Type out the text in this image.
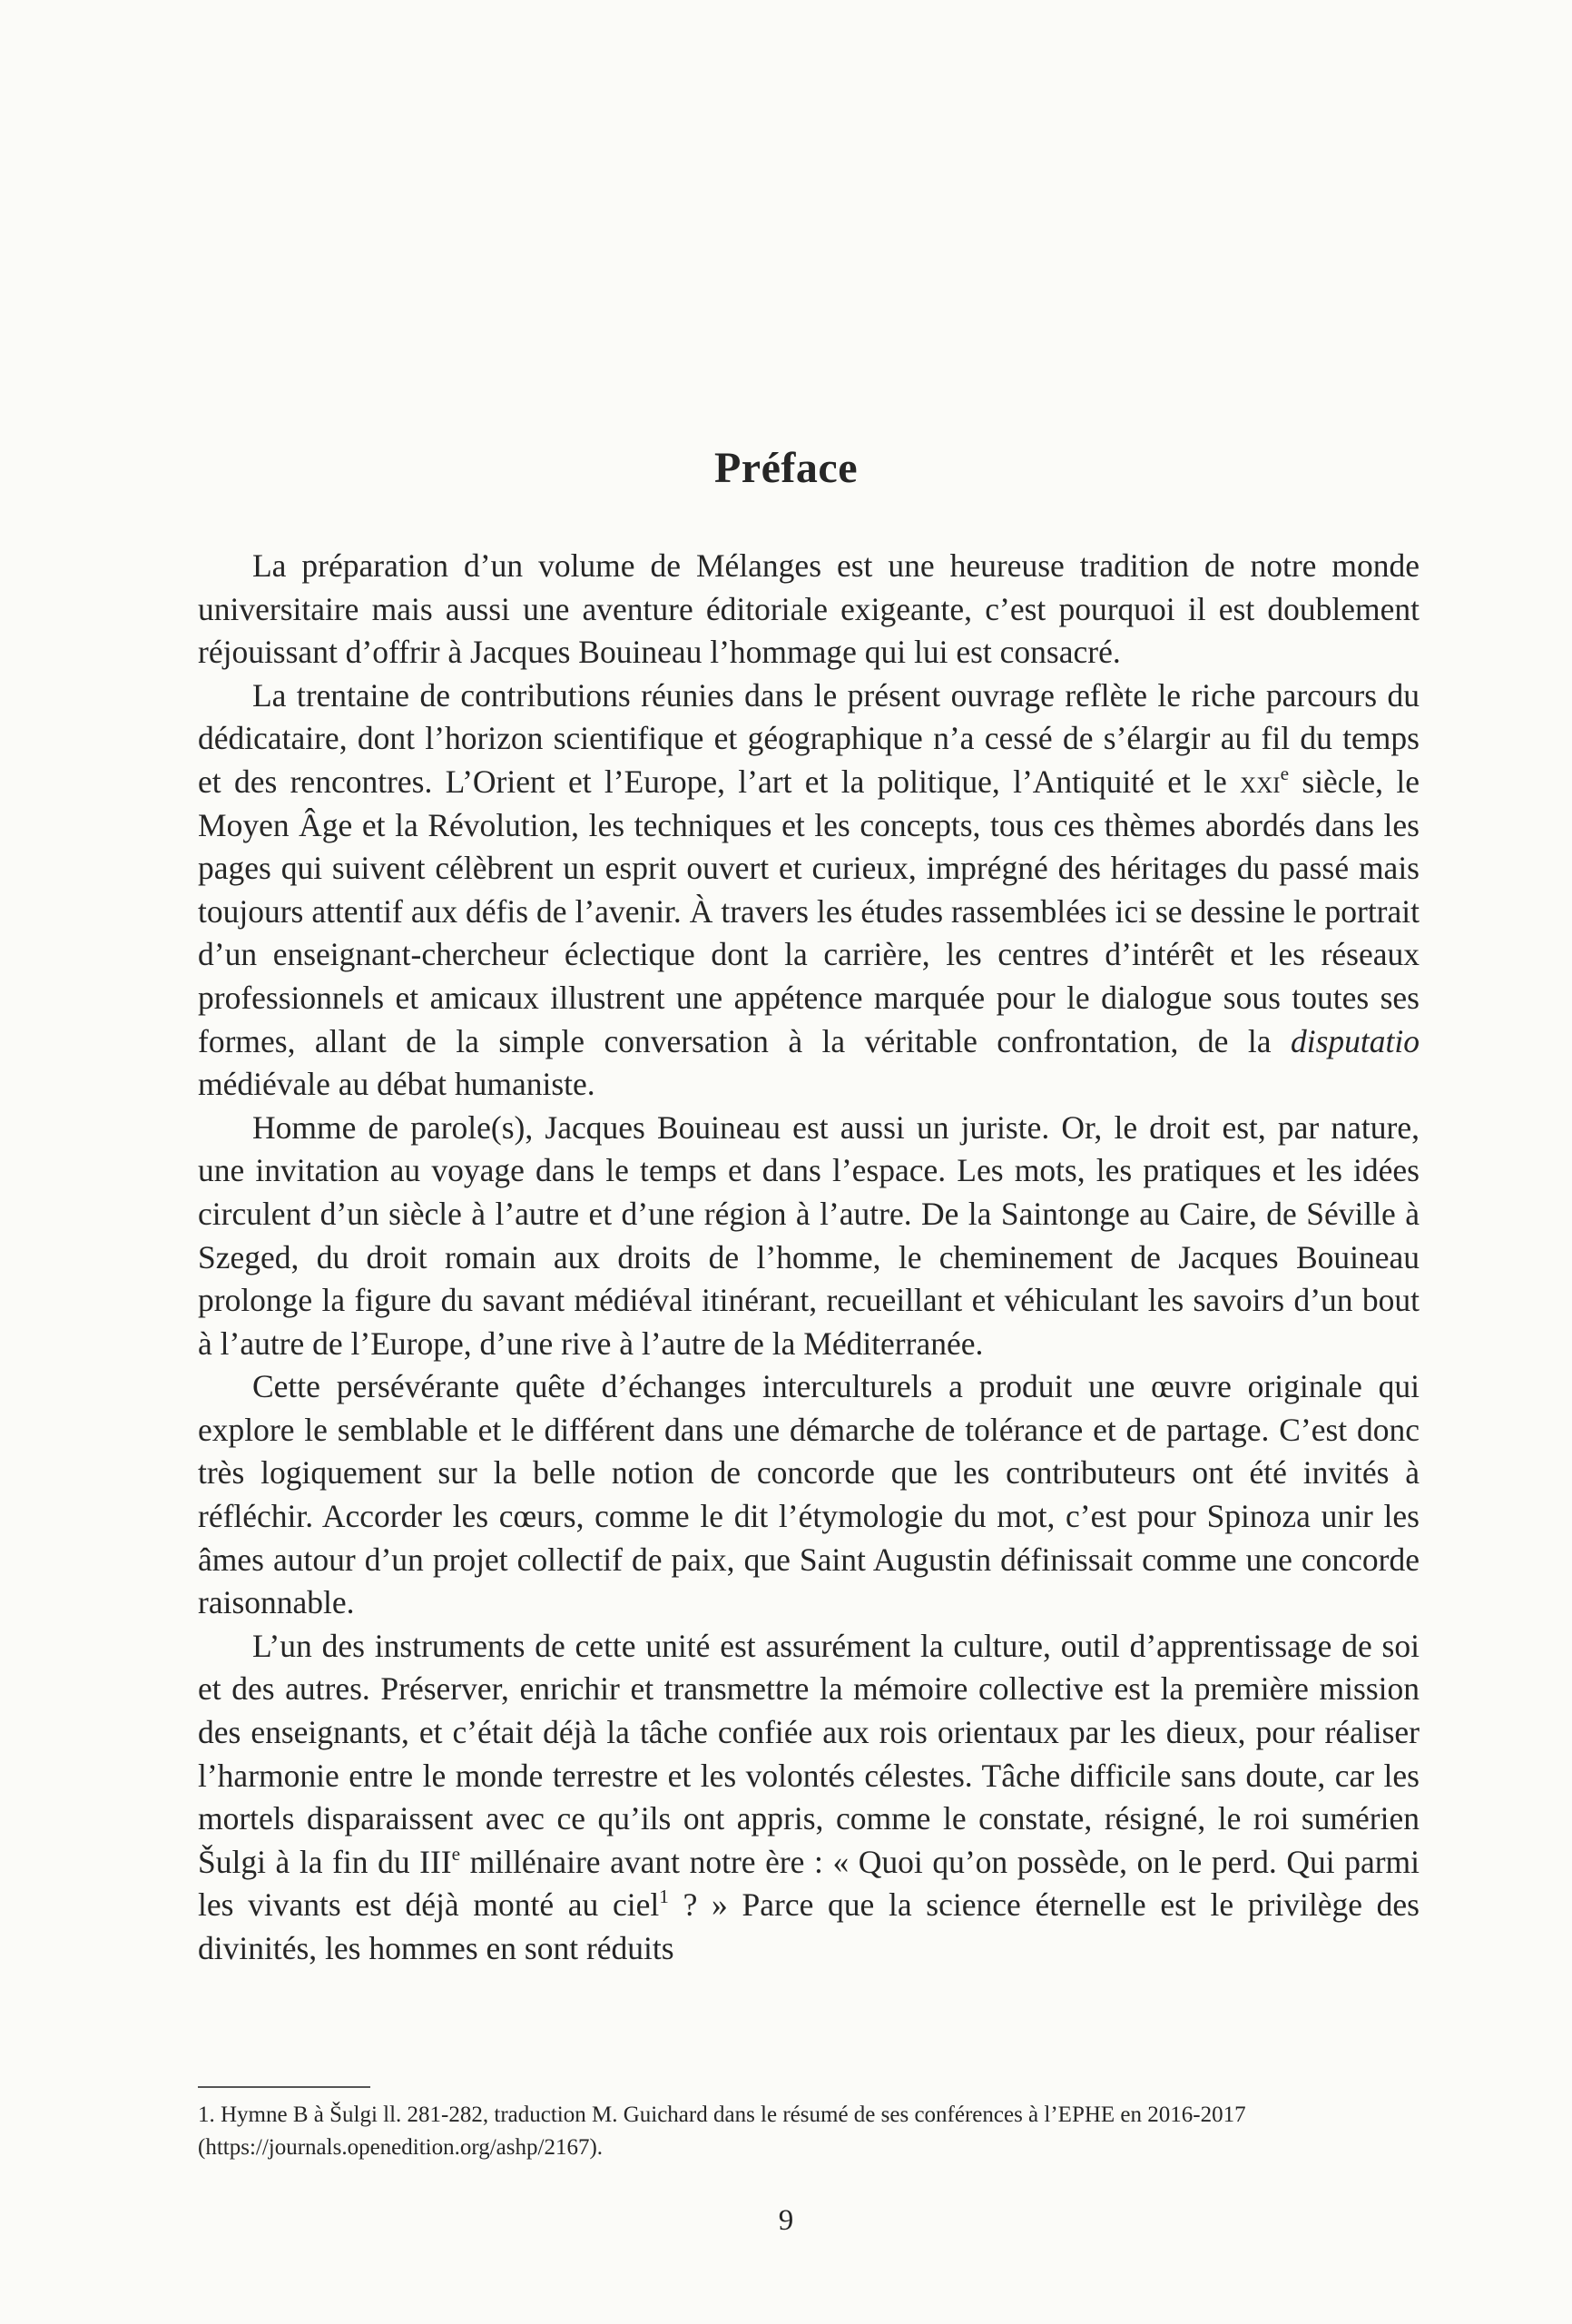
Préface

La préparation d’un volume de Mélanges est une heureuse tradition de notre monde universitaire mais aussi une aventure éditoriale exigeante, c’est pourquoi il est doublement réjouissant d’offrir à Jacques Bouineau l’hommage qui lui est consacré.

La trentaine de contributions réunies dans le présent ouvrage reflète le riche parcours du dédicataire, dont l’horizon scientifique et géographique n’a cessé de s’élargir au fil du temps et des rencontres. L’Orient et l’Europe, l’art et la politique, l’Antiquité et le xxi$^e$ siècle, le Moyen Âge et la Révolution, les techniques et les concepts, tous ces thèmes abordés dans les pages qui suivent célèbrent un esprit ouvert et curieux, imprégné des héritages du passé mais toujours attentif aux défis de l’avenir. À travers les études rassemblées ici se dessine le portrait d’un enseignant-chercheur éclectique dont la carrière, les centres d’intérêt et les réseaux professionnels et amicaux illustrent une appétence marquée pour le dialogue sous toutes ses formes, allant de la simple conversation à la véritable confrontation, de la disputatio médiévale au débat humaniste.

Homme de parole(s), Jacques Bouineau est aussi un juriste. Or, le droit est, par nature, une invitation au voyage dans le temps et dans l’espace. Les mots, les pratiques et les idées circulent d’un siècle à l’autre et d’une région à l’autre. De la Saintonge au Caire, de Séville à Szeged, du droit romain aux droits de l’homme, le cheminement de Jacques Bouineau prolonge la figure du savant médiéval itinérant, recueillant et véhiculant les savoirs d’un bout à l’autre de l’Europe, d’une rive à l’autre de la Méditerranée.

Cette persévérante quête d’échanges interculturels a produit une œuvre originale qui explore le semblable et le différent dans une démarche de tolérance et de partage. C’est donc très logiquement sur la belle notion de concorde que les contributeurs ont été invités à réfléchir. Accorder les cœurs, comme le dit l’étymologie du mot, c’est pour Spinoza unir les âmes autour d’un projet collectif de paix, que Saint Augustin définissait comme une concorde raisonnable.

L’un des instruments de cette unité est assurément la culture, outil d’apprentissage de soi et des autres. Préserver, enrichir et transmettre la mémoire collective est la première mission des enseignants, et c’était déjà la tâche confiée aux rois orientaux par les dieux, pour réaliser l’harmonie entre le monde terrestre et les volontés célestes. Tâche difficile sans doute, car les mortels disparaissent avec ce qu’ils ont appris, comme le constate, résigné, le roi sumérien Šulgi à la fin du IIIe millénaire avant notre ère : « Quoi qu’on possède, on le perd. Qui parmi les vivants est déjà monté au ciel$^1$ ? » Parce que la science éternelle est le privilège des divinités, les hommes en sont réduits

1. Hymne B à Šulgi ll. 281-282, traduction M. Guichard dans le résumé de ses conférences à l’EPHE en 2016-2017 (https://journals.openedition.org/ashp/2167).

9
